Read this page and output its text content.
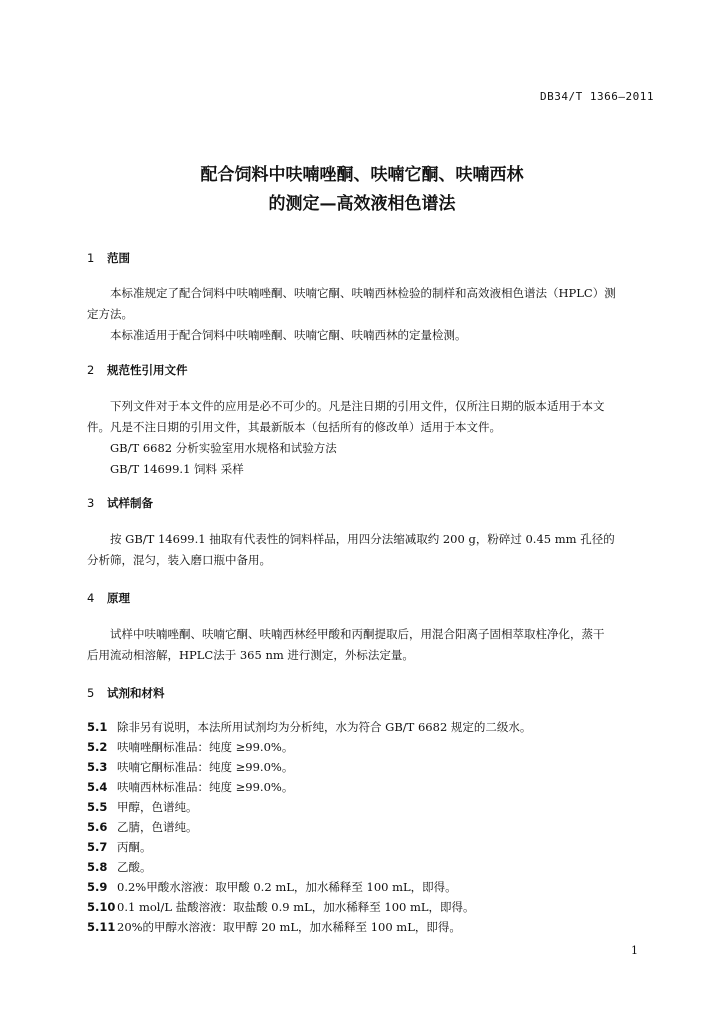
DB34/T 1366—2011
配合饲料中呋喃唑酮、呋喃它酮、呋喃西林
的测定—高效液相色谱法
1 范围
本标准规定了配合饲料中呋喃唑酮、呋喃它酮、呋喃西林检验的制样和高效液相色谱法（HPLC）测
定方法。
本标准适用于配合饲料中呋喃唑酮、呋喃它酮、呋喃西林的定量检测。
2 规范性引用文件
下列文件对于本文件的应用是必不可少的。凡是注日期的引用文件，仅所注日期的版本适用于本文
件。凡是不注日期的引用文件，其最新版本（包括所有的修改单）适用于本文件。
GB/T 6682 分析实验室用水规格和试验方法
GB/T 14699.1 饲料 采样
3 试样制备
按 GB/T 14699.1 抽取有代表性的饲料样品，用四分法缩减取约 200 g，粉碎过 0.45 mm 孔径的
分析筛，混匀，装入磨口瓶中备用。
4 原理
试样中呋喃唑酮、呋喃它酮、呋喃西林经甲酸和丙酮提取后，用混合阳离子固相萃取柱净化，蒸干
后用流动相溶解，HPLC法于 365 nm 进行测定，外标法定量。
5 试剂和材料
5.1 除非另有说明，本法所用试剂均为分析纯，水为符合 GB/T 6682 规定的二级水。
5.2 呋喃唑酮标准品：纯度 ≥99.0%。
5.3 呋喃它酮标准品：纯度 ≥99.0%。
5.4 呋喃西林标准品：纯度 ≥99.0%。
5.5 甲醇，色谱纯。
5.6 乙腈，色谱纯。
5.7 丙酮。
5.8 乙酸。
5.9 0.2%甲酸水溶液：取甲酸 0.2 mL，加水稀释至 100 mL，即得。
5.10 0.1 mol/L 盐酸溶液：取盐酸 0.9 mL，加水稀释至 100 mL，即得。
5.11 20%的甲醇水溶液：取甲醇 20 mL，加水稀释至 100 mL，即得。
1
